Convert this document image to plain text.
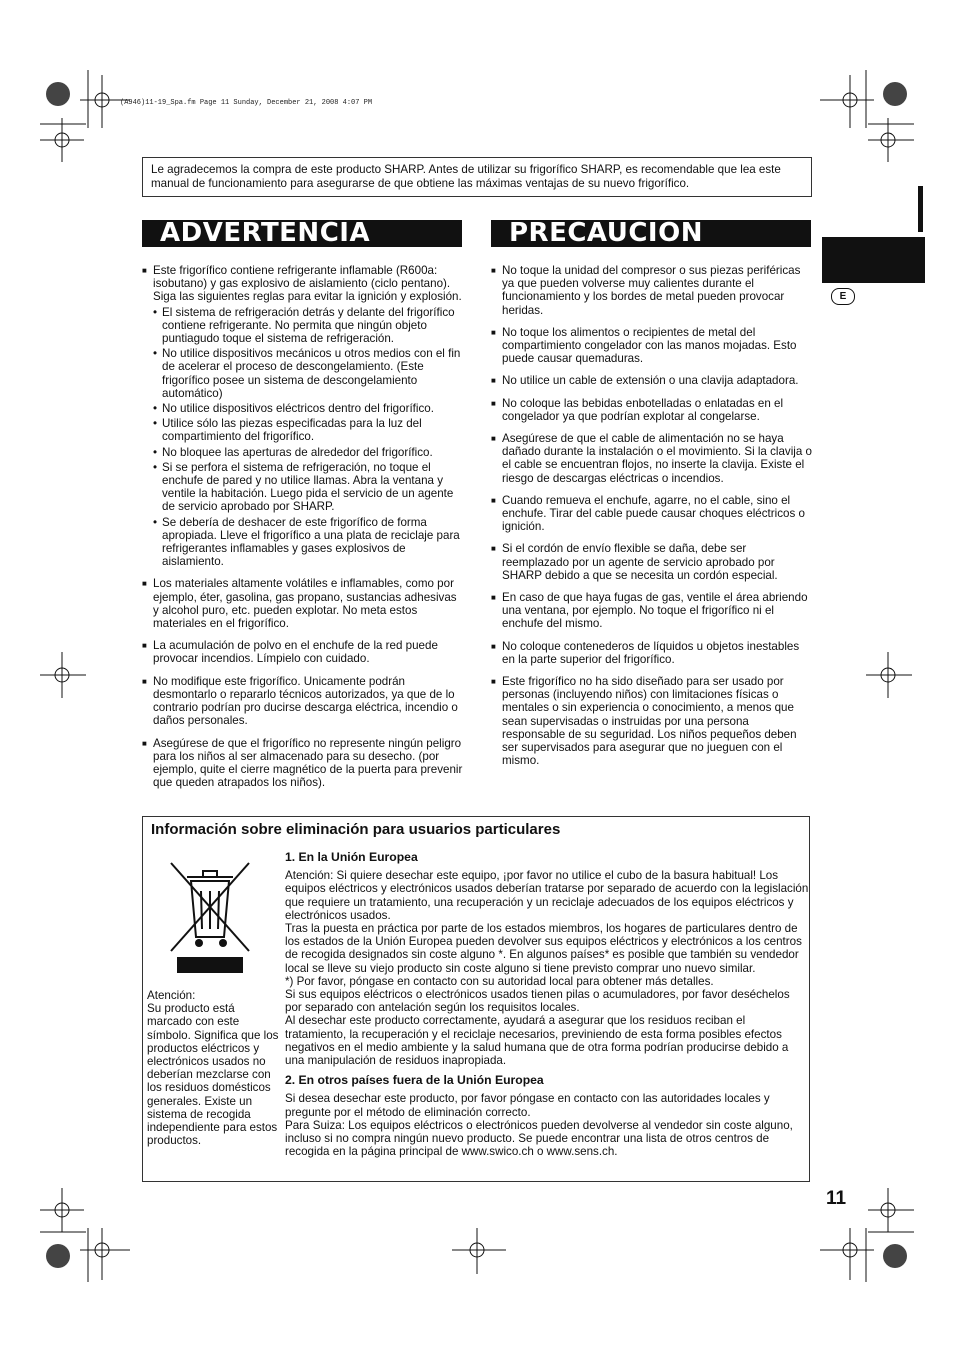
(A946)11-19_Spa.fm Page 11 Sunday, December 21, 2008 4:07 PM
Le agradecemos la compra de este producto SHARP. Antes de utilizar su frigorífico SHARP, es recomendable que lea este manual de funcionamiento para asegurarse de que obtiene las máximas ventajas de su nuevo frigorífico.
E
ADVERTENCIA
■ Este frigorífico contiene refrigerante inflamable (R600a: isobutano) y gas explosivo de aislamiento (ciclo pentano). Siga las siguientes reglas para evitar la ignición y explosión.
• El sistema de refrigeración detrás y delante del frigorífico contiene refrigerante. No permita que ningún objeto puntiagudo toque el sistema de refrigeración.
• No utilice dispositivos mecánicos u otros medios con el fin de acelerar el proceso de descongelamiento. (Este frigorífico posee un sistema de descongelamiento automático)
• No utilice dispositivos eléctricos dentro del frigorífico.
• Utilice sólo las piezas especificadas para la luz del compartimiento del frigorífico.
• No bloquee las aperturas de alrededor del frigorífico.
• Si se perfora el sistema de refrigeración, no toque el enchufe de pared y no utilice llamas. Abra la ventana y ventile la habitación. Luego pida el servicio de un agente de servicio aprobado por SHARP.
• Se debería de deshacer de este frigorífico de forma apropiada. Lleve el frigorífico a una plata de reciclaje para refrigerantes inflamables y gases explosivos de aislamiento.
■ Los materiales altamente volátiles e inflamables, como por ejemplo, éter, gasolina, gas propano, sustancias adhesivas y alcohol puro, etc. pueden explotar. No meta estos materiales en el frigorífico.
■ La acumulación de polvo en el enchufe de la red puede provocar incendios. Límpielo con cuidado.
■ No modifique este frigorífico. Unicamente podrán desmontarlo o repararlo técnicos autorizados, ya que de lo contrario podrían pro ducirse descarga eléctrica, incendio o daños personales.
■ Asegúrese de que el frigorífico no represente ningún peligro para los niños al ser almacenado para su desecho. (por ejemplo, quite el cierre magnético de la puerta para prevenir que queden atrapados los niños).
PRECAUCION
■ No toque la unidad del compresor o sus piezas periféricas ya que pueden volverse muy calientes durante el funcionamiento y los bordes de metal pueden provocar heridas.
■ No toque los alimentos o recipientes de metal del compartimiento congelador con las manos mojadas. Esto puede causar quemaduras.
■ No utilice un cable de extensión o una clavija adaptadora.
■ No coloque las bebidas enbotelladas o enlatadas en el congelador ya que podrían explotar al congelarse.
■ Asegúrese de que el cable de alimentación no se haya dañado durante la instalación o el movimiento. Si la clavija o el cable se encuentran flojos, no inserte la clavija. Existe el riesgo de descargas eléctricas o incendios.
■ Cuando remueva el enchufe, agarre, no el cable, sino el enchufe. Tirar del cable puede causar choques eléctricos o ignición.
■ Si el cordón de envío flexible se daña, debe ser reemplazado por un agente de servicio aprobado por SHARP debido a que se necesita un cordón especial.
■ En caso de que haya fugas de gas, ventile el área abriendo una ventana, por ejemplo. No toque el frigorífico ni el enchufe del mismo.
■ No coloque contenederos de líquidos u objetos inestables en la parte superior del frigorífico.
■ Este frigorífico no ha sido diseñado para ser usado por personas (incluyendo niños) con limitaciones físicas o mentales o sin experiencia o conocimiento, a menos que sean supervisadas o instruidas por una persona responsable de su seguridad. Los niños pequeños deben ser supervisados para asegurar que no jueguen con el mismo.
Información sobre eliminación para usuarios particulares
Atención:
Su producto está marcado con este símbolo. Significa que los productos eléctricos y electrónicos usados no deberían mezclarse con los residuos domésticos generales. Existe un sistema de recogida independiente para estos productos.
1. En la Unión Europea

Atención: Si quiere desechar este equipo, ¡por favor no utilice el cubo de la basura habitual! Los equipos eléctricos y electrónicos usados deberían tratarse por separado de acuerdo con la legislación que requiere un tratamiento, una recuperación y un reciclaje adecuados de los equipos eléctricos y electrónicos usados.

Tras la puesta en práctica por parte de los estados miembros, los hogares de particulares dentro de los estados de la Unión Europea pueden devolver sus equipos eléctricos y electrónicos a los centros de recogida designados sin coste alguno *. En algunos países* es posible que también su vendedor local se lleve su viejo producto sin coste alguno si tiene previsto comprar uno nuevo similar.

*) Por favor, póngase en contacto con su autoridad local para obtener más detalles.

Si sus equipos eléctricos o electrónicos usados tienen pilas o acumuladores, por favor deséchelos por separado con antelación según los requisitos locales.

Al desechar este producto correctamente, ayudará a asegurar que los residuos reciban el tratamiento, la recuperación y el reciclaje necesarios, previniendo de esta forma posibles efectos negativos en el medio ambiente y la salud humana que de otra forma podrían producirse debido a una manipulación de residuos inapropiada.

2. En otros países fuera de la Unión Europea

Si desea desechar este producto, por favor póngase en contacto con las autoridades locales y pregunte por el método de eliminación correcto.

Para Suiza: Los equipos eléctricos o electrónicos pueden devolverse al vendedor sin coste alguno, incluso si no compra ningún nuevo producto. Se puede encontrar una lista de otros centros de recogida en la página principal de www.swico.ch o www.sens.ch.

11
